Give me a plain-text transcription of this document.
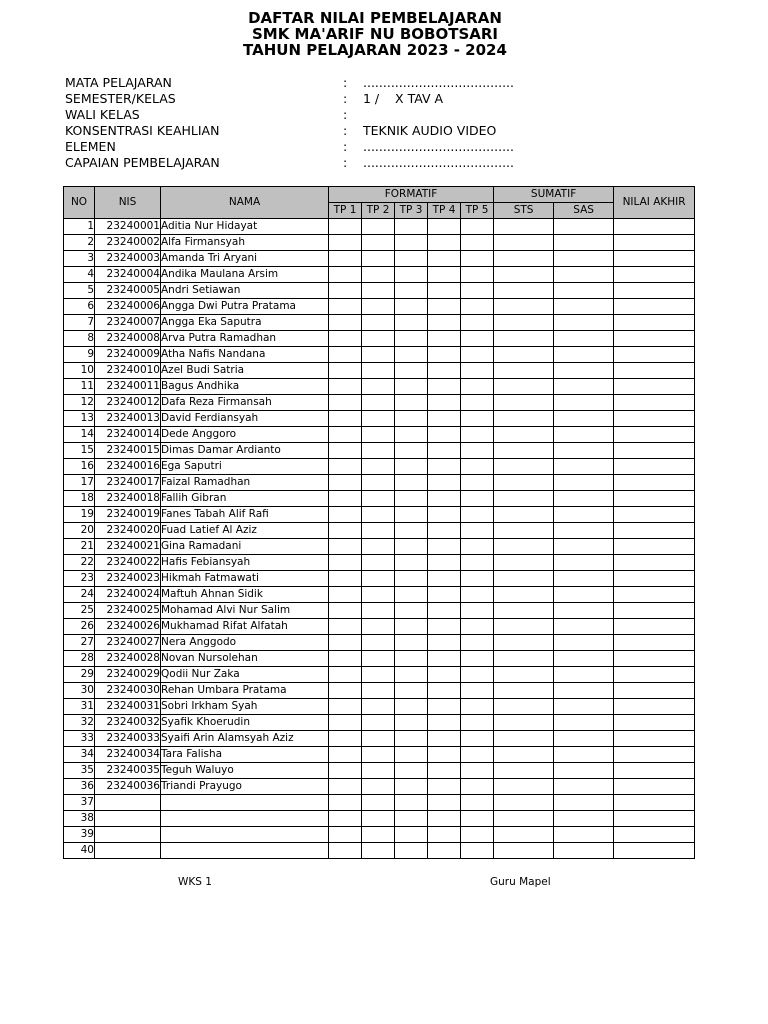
DAFTAR NILAI PEMBELAJARAN
SMK MA'ARIF NU BOBOTSARI
TAHUN PELAJARAN 2023 - 2024
MATA PELAJARAN	:	......................................
SEMESTER/KELAS	:	1 /    X TAV A
WALI KELAS	:
KONSENTRASI KEAHLIAN	:	TEKNIK AUDIO VIDEO
ELEMEN	:	......................................
CAPAIAN PEMBELAJARAN	:	......................................
NO	NIS	NAMA	FORMATIF					SUMATIF		NILAI AKHIR
			TP 1	TP 2	TP 3	TP 4	TP 5	STS	SAS	
1	23240001	Aditia Nur Hidayat								
2	23240002	Alfa Firmansyah								
3	23240003	Amanda Tri Aryani								
4	23240004	Andika Maulana Arsim								
5	23240005	Andri Setiawan								
6	23240006	Angga Dwi Putra Pratama								
7	23240007	Angga Eka Saputra								
8	23240008	Arva Putra Ramadhan								
9	23240009	Atha Nafis Nandana								
10	23240010	Azel Budi Satria								
11	23240011	Bagus Andhika								
12	23240012	Dafa Reza Firmansah								
13	23240013	David Ferdiansyah								
14	23240014	Dede Anggoro								
15	23240015	Dimas Damar Ardianto								
16	23240016	Ega Saputri								
17	23240017	Faizal Ramadhan								
18	23240018	Fallih Gibran								
19	23240019	Fanes Tabah Alif Rafi								
20	23240020	Fuad Latief Al Aziz								
21	23240021	Gina Ramadani								
22	23240022	Hafis Febiansyah								
23	23240023	Hikmah Fatmawati								
24	23240024	Maftuh Ahnan Sidik								
25	23240025	Mohamad Alvi Nur Salim								
26	23240026	Mukhamad Rifat Alfatah								
27	23240027	Nera Anggodo								
28	23240028	Novan Nursolehan								
29	23240029	Qodii Nur Zaka								
30	23240030	Rehan Umbara Pratama								
31	23240031	Sobri Irkham Syah								
32	23240032	Syafik Khoerudin								
33	23240033	Syaifi Arin Alamsyah Aziz								
34	23240034	Tara Falisha								
35	23240035	Teguh Waluyo								
36	23240036	Triandi Prayugo								
37										
38										
39										
40										
WKS 1	Guru Mapel
